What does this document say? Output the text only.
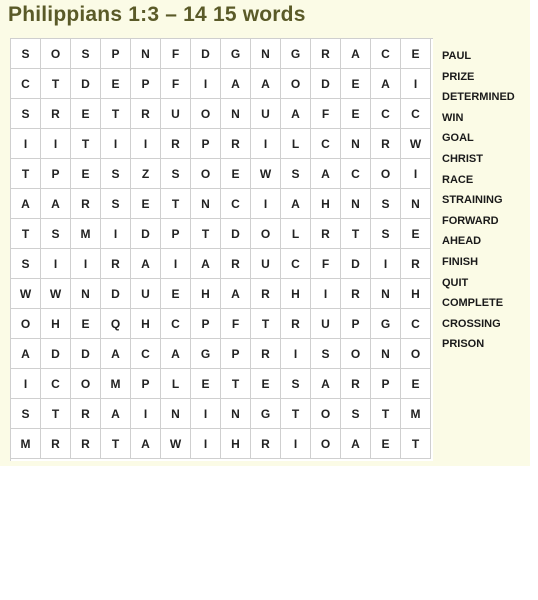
Philippians 1:3 – 14 15 words
S	O	S	P	N	F	D	G	N	G	R	A	C	E
C	T	D	E	P	F	I	A	A	O	D	E	A	I
S	R	E	T	R	U	O	N	U	A	F	E	C	C
I	I	T	I	I	R	P	R	I	L	C	N	R	W
T	P	E	S	Z	S	O	E	W	S	A	C	O	I
A	A	R	S	E	T	N	C	I	A	H	N	S	N
T	S	M	I	D	P	T	D	O	L	R	T	S	E
S	I	I	R	A	I	A	R	U	C	F	D	I	R
W	W	N	D	U	E	H	A	R	H	I	R	N	H
O	H	E	Q	H	C	P	F	T	R	U	P	G	C
A	D	D	A	C	A	G	P	R	I	S	O	N	O
I	C	O	M	P	L	E	T	E	S	A	R	P	E
S	T	R	A	I	N	I	N	G	T	O	S	T	M
M	R	R	T	A	W	I	H	R	I	O	A	E	T
PAUL
PRIZE
DETERMINED
WIN
GOAL
CHRIST
RACE
STRAINING
FORWARD
AHEAD
FINISH
QUIT
COMPLETE
CROSSING
PRISON
